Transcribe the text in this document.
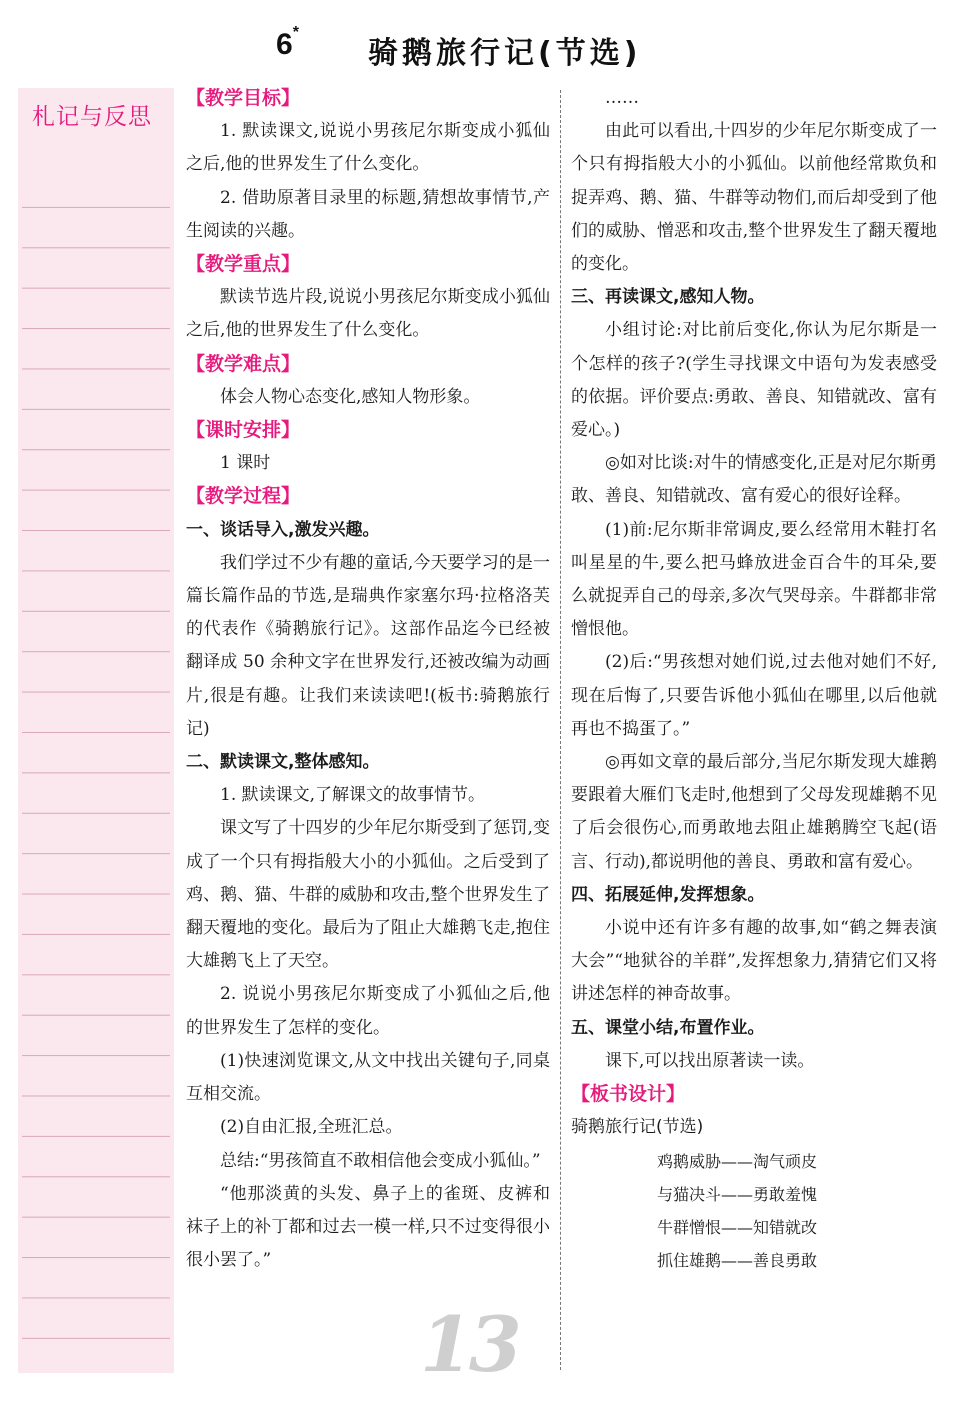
6*
骑鹅旅行记(节选)
札记与反思

【教学目标】

1. 默读课文,说说小男孩尼尔斯变成小狐仙之后,他的世界发生了什么变化。

2. 借助原著目录里的标题,猜想故事情节,产生阅读的兴趣。

【教学重点】

默读节选片段,说说小男孩尼尔斯变成小狐仙之后,他的世界发生了什么变化。

【教学难点】

体会人物心态变化,感知人物形象。

【课时安排】

1 课时

【教学过程】

一、谈话导入,激发兴趣。

我们学过不少有趣的童话,今天要学习的是一篇长篇作品的节选,是瑞典作家塞尔玛·拉格洛芙的代表作《骑鹅旅行记》。这部作品迄今已经被翻译成 50 余种文字在世界发行,还被改编为动画片,很是有趣。让我们来读读吧!(板书:骑鹅旅行记)

二、默读课文,整体感知。

1. 默读课文,了解课文的故事情节。

课文写了十四岁的少年尼尔斯受到了惩罚,变成了一个只有拇指般大小的小狐仙。之后受到了鸡、鹅、猫、牛群的威胁和攻击,整个世界发生了翻天覆地的变化。最后为了阻止大雄鹅飞走,抱住大雄鹅飞上了天空。

2. 说说小男孩尼尔斯变成了小狐仙之后,他的世界发生了怎样的变化。

(1)快速浏览课文,从文中找出关键句子,同桌互相交流。

(2)自由汇报,全班汇总。

总结:“男孩简直不敢相信他会变成小狐仙。”

“他那淡黄的头发、鼻子上的雀斑、皮裤和袜子上的补丁都和过去一模一样,只不过变得很小很小罢了。”

……

由此可以看出,十四岁的少年尼尔斯变成了一个只有拇指般大小的小狐仙。以前他经常欺负和捉弄鸡、鹅、猫、牛群等动物们,而后却受到了他们的威胁、憎恶和攻击,整个世界发生了翻天覆地的变化。

三、再读课文,感知人物。

小组讨论:对比前后变化,你认为尼尔斯是一个怎样的孩子?(学生寻找课文中语句为发表感受的依据。评价要点:勇敢、善良、知错就改、富有爱心。)

◎如对比谈:对牛的情感变化,正是对尼尔斯勇敢、善良、知错就改、富有爱心的很好诠释。

(1)前:尼尔斯非常调皮,要么经常用木鞋打名叫星星的牛,要么把马蜂放进金百合牛的耳朵,要么就捉弄自己的母亲,多次气哭母亲。牛群都非常憎恨他。

(2)后:“男孩想对她们说,过去他对她们不好,现在后悔了,只要告诉他小狐仙在哪里,以后他就再也不捣蛋了。”

◎再如文章的最后部分,当尼尔斯发现大雄鹅要跟着大雁们飞走时,他想到了父母发现雄鹅不见了后会很伤心,而勇敢地去阻止雄鹅腾空飞起(语言、行动),都说明他的善良、勇敢和富有爱心。

四、拓展延伸,发挥想象。

小说中还有许多有趣的故事,如“鹤之舞表演大会”“地狱谷的羊群”,发挥想象力,猜猜它们又将讲述怎样的神奇故事。

五、课堂小结,布置作业。

课下,可以找出原著读一读。

【板书设计】

骑鹅旅行记(节选)

鸡鹅威胁——淘气顽皮

与猫决斗——勇敢羞愧

牛群憎恨——知错就改

抓住雄鹅——善良勇敢

13
